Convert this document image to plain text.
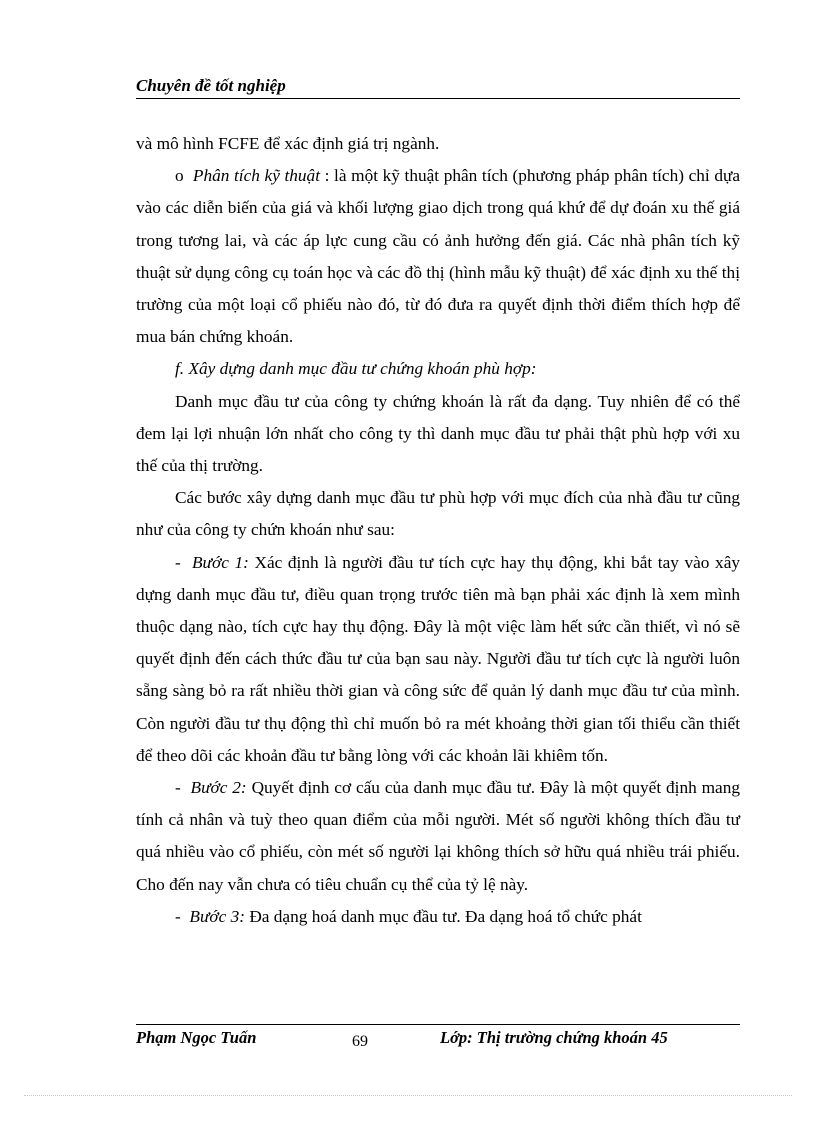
Chuyên đề tốt nghiệp

và mô hình FCFE để xác định giá trị ngành.

o Phân tích kỹ thuật : là một kỹ thuật phân tích (phương pháp phân tích) chỉ dựa vào các diễn biến của giá và khối lượng giao dịch trong quá khứ để dự đoán xu thế giá trong tương lai, và các áp lực cung cầu có ảnh hưởng đến giá. Các nhà phân tích kỹ thuật sử dụng công cụ toán học và các đồ thị (hình mẫu kỹ thuật) để xác định xu thế thị trường của một loại cổ phiếu nào đó, từ đó đưa ra quyết định thời điểm thích hợp để mua bán chứng khoán.

f. Xây dựng danh mục đầu tư chứng khoán phù hợp:

Danh mục đầu tư của công ty chứng khoán là rất đa dạng. Tuy nhiên để có thể đem lại lợi nhuận lớn nhất cho công ty thì danh mục đầu tư phải thật phù hợp với xu thế của thị trường.

Các bước xây dựng danh mục đầu tư phù hợp với mục đích của nhà đầu tư cũng như của công ty chứn khoán như sau:

- Bước 1: Xác định là người đầu tư tích cực hay thụ động, khi bắt tay vào xây dựng danh mục đầu tư, điều quan trọng trước tiên mà bạn phải xác định là xem mình thuộc dạng nào, tích cực hay thụ động. Đây là một việc làm hết sức cần thiết, vì nó sẽ quyết định đến cách thức đầu tư của bạn sau này. Người đầu tư tích cực là người luôn sẵng sàng bỏ ra rất nhiều thời gian và công sức để quản lý danh mục đầu tư của mình. Còn người đầu tư thụ động thì chỉ muốn bỏ ra mét khoảng thời gian tối thiểu cần thiết để theo dõi các khoản đầu tư bằng lòng với các khoản lãi khiêm tốn.

- Bước 2: Quyết định cơ cấu của danh mục đầu tư. Đây là một quyết định mang tính cả nhân và tuỳ theo quan điểm của mỗi người. Mét số người không thích đầu tư quá nhiều vào cổ phiếu, còn mét số người lại không thích sở hữu quá nhiều trái phiếu. Cho đến nay vẫn chưa có tiêu chuẩn cụ thể của tỷ lệ này.

- Bước 3: Đa dạng hoá danh mục đầu tư. Đa dạng hoá tổ chức phát

Phạm Ngọc Tuấn	69	Lớp: Thị trường chứng khoán 45
